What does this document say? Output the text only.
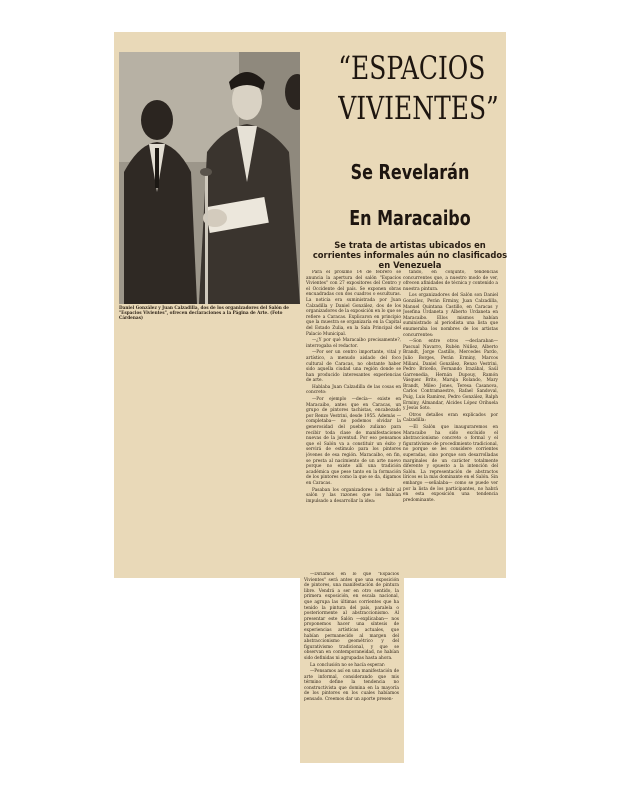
Daniel González y Juan Calzadilla, dos de los organizadores del Salón de "Espacios Vivientes", ofrecen declaraciones a la Página de Arte. (Foto Cárdenas)
“ESPACIOS
VIVIENTES”
Se Revelarán
En Maracaibo
Se trata de artistas ubicados en corrientes informales aún no clasificados en Venezuela

Para el próximo 14 de febrero se anuncia la apertura del salón "Espacios Vivientes" con 27 expositores del Centro y el Occidente del país. Se exponen obras encuadradas con dos cuadros o esculturas. La noticia era suministrada por Juan Calzadilla y Daniel González, dos de los organizadores de la exposición en lo que se refiere a Caracas. Explicaron en principio que la muestra se organizaría en la Capital del Estado Zulia, en la Sala Principal del Palacio Municipal.

—¿Y por qué Maracaibo precisamente?, interrogaba el redactor.

—Por ser un centro importante, vital y artístico, a menudo aislado del foco cultural de Caracas, no obstante haber sido aquella ciudad una región donde se han producido interesantes experiencias de arte.

Hablaba Juan Calzadilla de las cosas en concreto:

—Por ejemplo —decía— existe en Maracaibo, antes que en Caracas, un grupo de pintores tachistas, encabezado por Renzo Vestrini, desde 1955. Además —completaba— no podemos olvidar la generosidad del pueblo zuliano para recibir toda clase de manifestaciones nuevas de la juventud. Por eso pensamos que el Salón va a constituir un éxito y servirá de estímulo para los pintores jóvenes de esa región. Maracaibo, en fin, se presta al nacimiento de un arte nuevo porque no existe allí una tradición académica que pese tanto en la formación de los pintores como la que se da, digamos en Caracas.

Pasaban los organizadores a definir al salón y las razones que los habían impulsado a desarrollar la idea:

tando, en conjunto, tendencias concurrentes que, a nuestro modo de ver, ofrecen afinidades de técnica y contenido a nuestra pintura.

Los organizadores del Salón son Daniel González, Perán Erminy, Juan Calzadilla, Manuel Quintana Castillo, en Caracas y Josefina Urdaneta y Alberto Urdaneta en Maracaibo. Ellos mismos habían suministrado al periodista una lista que enumeraba los nombres de los artistas concurrentes:

—Son entre otros —declaraban— Pascual Navarro, Rubén Núñez, Alberto Brandt, Jorge Castillo, Mercedes Pardo, Julio Borges, Perán Erminy, Marcos Miliani, Daniel González, Renzo Vestrini, Pedro Briceño, Fernando Irazábal, Saúl Garrenedia, Hernán Dupouy, Ramón Vásquez Brito, Maruja Rolando, Mary Brandt, Mileo Jones, Teresa Casanova, Carlos Contramaestre, Rafael Sandoval, Puig, Luis Ramírez, Pedro González, Ralph Erminy, Almandar, Alcides López Orihuela y Jesús Soto.

Otros detalles eran explicados por Calzadilla:

—El Salón que inauguraremos en Maracaibo ha sido excluido el abstraccionismo concreto o formal y el figurativismo de procedimiento tradicional, no porque se les considere corrientes superadas, sino porque son desarrolladas marginales de un carácter totalmente diferente y opuesto a la intención del Salón. La representación de abstractos líricos es la más dominante en el Salón. Sin embargo —señalaba— como se puede ver por la lista de los participantes, no habrá en esta exposición una tendencia predominante.

—Diríamos en lo que "Espacios Vivientes" será antes que una exposición de pintores, una manifestación de pintura libre. Vendrá a ser en otro sentido, la primera exposición, en escala nacional, que agrupa las últimas corrientes que ha tenido la pintura del país, paralela o posteriormente al abstraccionismo. Al presentar este Salón —explicaban— nos proponemos hacer una síntesis de experiencias artísticas actuales, que habían permanecido al margen del abstraccionismo geométrico y del figurativismo tradicional, y que se observan en contemporaneidad, no habían sido definidas ni agrupadas hasta ahora.

La conclusión no se hacía esperar:

—Pensamos así en una manifestación de arte informal, considerando que mis término define la tendencia no constructivista que domina en la mayoría de los pintores en los cuales habíamos pensado. Creemos dar un aporte presen-
